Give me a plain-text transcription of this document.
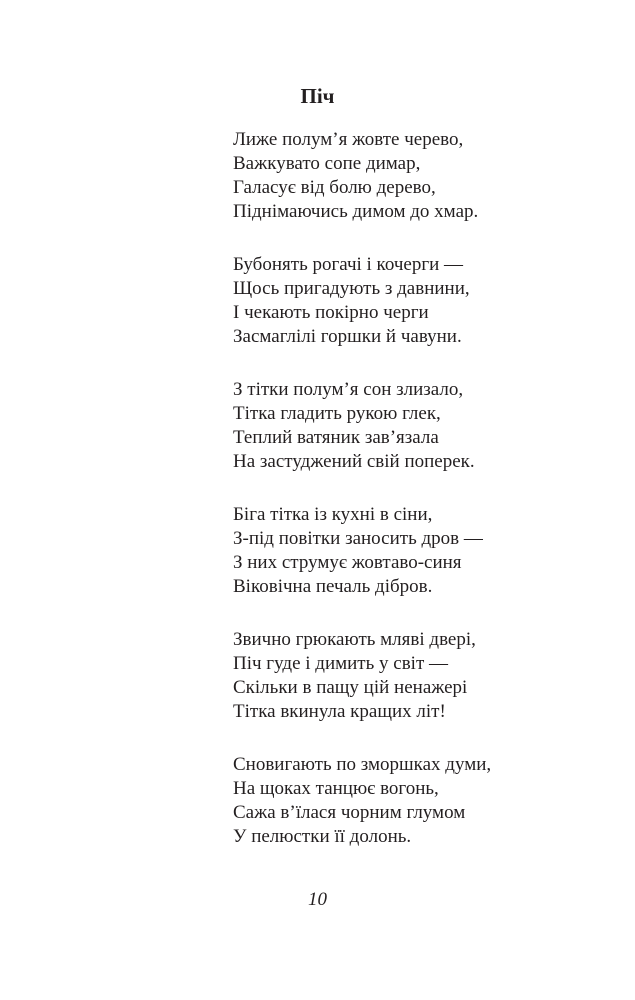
Піч
Лиже полум’я жовте черево,
Важкувато сопе димар,
Галасує від болю дерево,
Піднімаючись димом до хмар.
Бубонять рогачі і кочерги —
Щось пригадують з давнини,
І чекають покірно черги
Засмаглілі горшки й чавуни.
З тітки полум’я сон злизало,
Тітка гладить рукою глек,
Теплий ватяник зав’язала
На застуджений свій поперек.
Біга тітка із кухні в сіни,
З-під повітки заносить дров —
З них струмує жовтаво-синя
Віковічна печаль дібров.
Звично грюкають мляві двері,
Піч гуде і димить у світ —
Скільки в пащу цій ненажері
Тітка вкинула кращих літ!
Сновигають по зморшках думи,
На щоках танцює вогонь,
Сажа в’їлася чорним глумом
У пелюстки її долонь.
10
